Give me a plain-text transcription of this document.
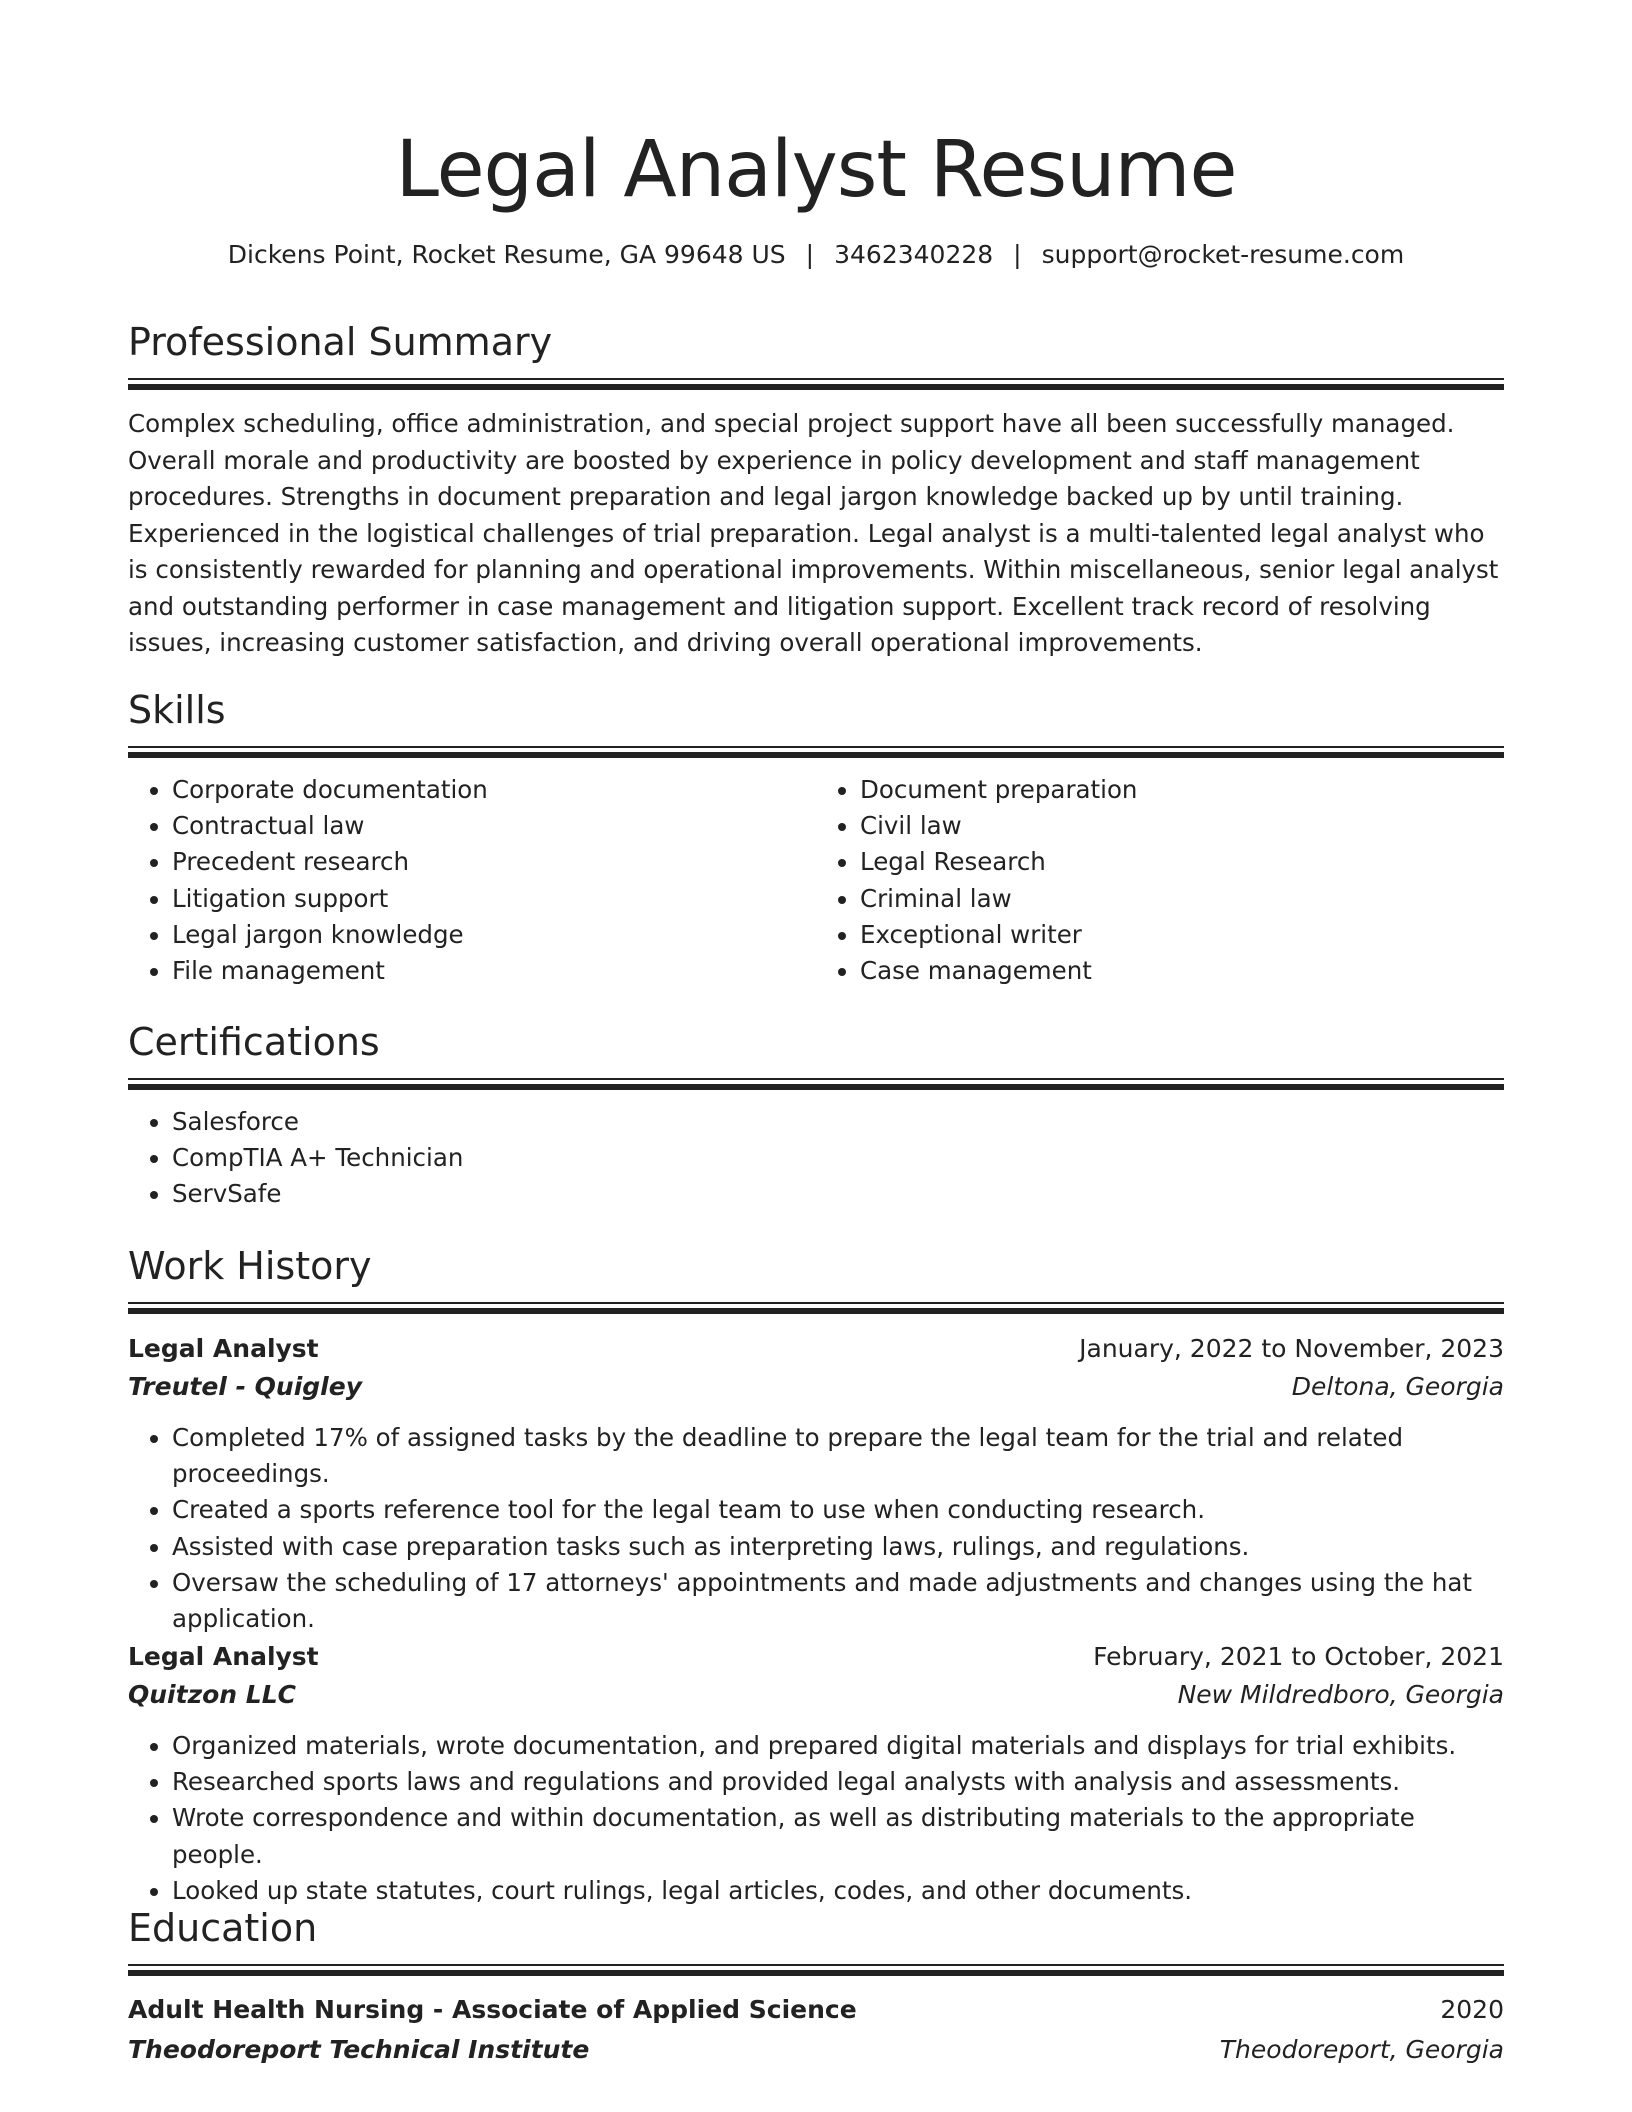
Legal Analyst Resume
Dickens Point, Rocket Resume, GA 99648 US | 3462340228 | support@rocket-resume.com
Professional Summary
Complex scheduling, office administration, and special project support have all been successfully managed. Overall morale and productivity are boosted by experience in policy development and staff management procedures. Strengths in document preparation and legal jargon knowledge backed up by until training. Experienced in the logistical challenges of trial preparation. Legal analyst is a multi-talented legal analyst who is consistently rewarded for planning and operational improvements. Within miscellaneous, senior legal analyst and outstanding performer in case management and litigation support. Excellent track record of resolving issues, increasing customer satisfaction, and driving overall operational improvements.
Skills
• Corporate documentation
• Contractual law
• Precedent research
• Litigation support
• Legal jargon knowledge
• File management
• Document preparation
• Civil law
• Legal Research
• Criminal law
• Exceptional writer
• Case management
Certifications
• Salesforce
• CompTIA A+ Technician
• ServSafe
Work History
Legal Analyst	January, 2022 to November, 2023
Treutel - Quigley	Deltona, Georgia
• Completed 17% of assigned tasks by the deadline to prepare the legal team for the trial and related proceedings.
• Created a sports reference tool for the legal team to use when conducting research.
• Assisted with case preparation tasks such as interpreting laws, rulings, and regulations.
• Oversaw the scheduling of 17 attorneys' appointments and made adjustments and changes using the hat application.
Legal Analyst	February, 2021 to October, 2021
Quitzon LLC	New Mildredboro, Georgia
• Organized materials, wrote documentation, and prepared digital materials and displays for trial exhibits.
• Researched sports laws and regulations and provided legal analysts with analysis and assessments.
• Wrote correspondence and within documentation, as well as distributing materials to the appropriate people.
• Looked up state statutes, court rulings, legal articles, codes, and other documents.
Education
Adult Health Nursing - Associate of Applied Science	2020
Theodoreport Technical Institute	Theodoreport, Georgia
